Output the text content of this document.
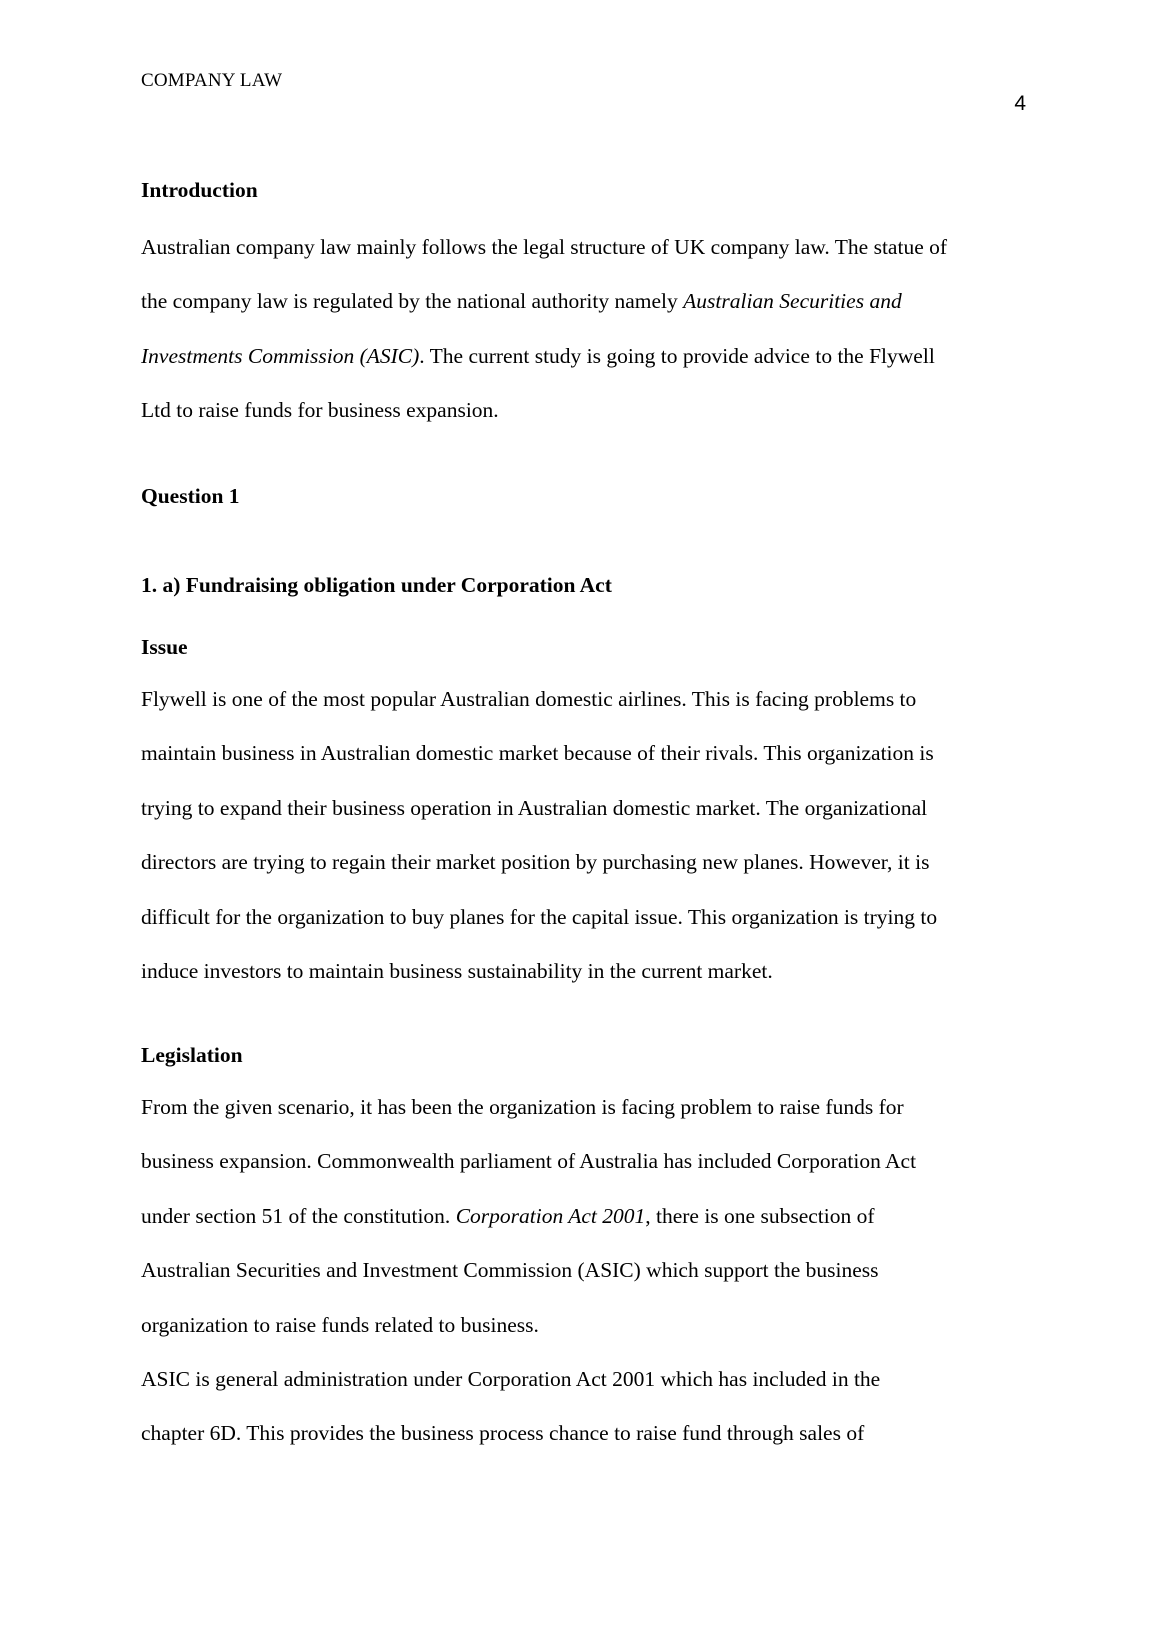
COMPANY LAW
4
Introduction
Australian company law mainly follows the legal structure of UK company law. The statue of
the company law is regulated by the national authority namely Australian Securities and
Investments Commission (ASIC). The current study is going to provide advice to the Flywell
Ltd to raise funds for business expansion.
Question 1
1. a) Fundraising obligation under Corporation Act
Issue
Flywell is one of the most popular Australian domestic airlines. This is facing problems to
maintain business in Australian domestic market because of their rivals. This organization is
trying to expand their business operation in Australian domestic market. The organizational
directors are trying to regain their market position by purchasing new planes. However, it is
difficult for the organization to buy planes for the capital issue. This organization is trying to
induce investors to maintain business sustainability in the current market.
Legislation
From the given scenario, it has been the organization is facing problem to raise funds for
business expansion. Commonwealth parliament of Australia has included Corporation Act
under section 51 of the constitution. Corporation Act 2001, there is one subsection of
Australian Securities and Investment Commission (ASIC) which support the business
organization to raise funds related to business.
ASIC is general administration under Corporation Act 2001 which has included in the
chapter 6D. This provides the business process chance to raise fund through sales of
